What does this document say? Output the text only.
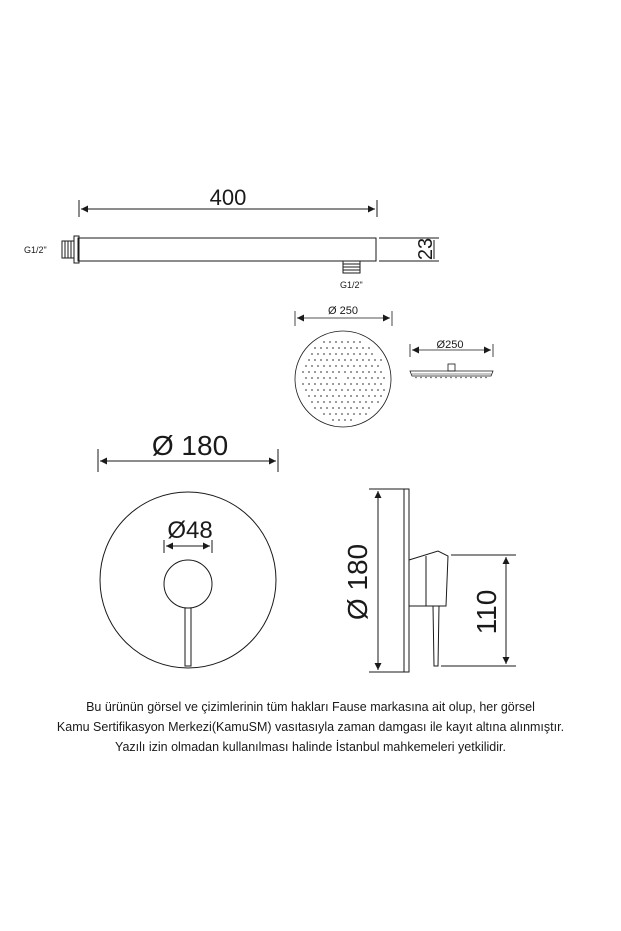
400
G1/2"
G1/2"
23
Ø 250
Ø250
Ø 180
Ø48
Ø 180	110
Bu ürünün görsel ve çizimlerinin tüm hakları Fause markasına ait olup, her görsel
Kamu Sertifikasyon Merkezi(KamuSM) vasıtasıyla zaman damgası ile kayıt altına alınmıştır.
Yazılı izin olmadan kullanılması halinde İstanbul mahkemeleri yetkilidir.
